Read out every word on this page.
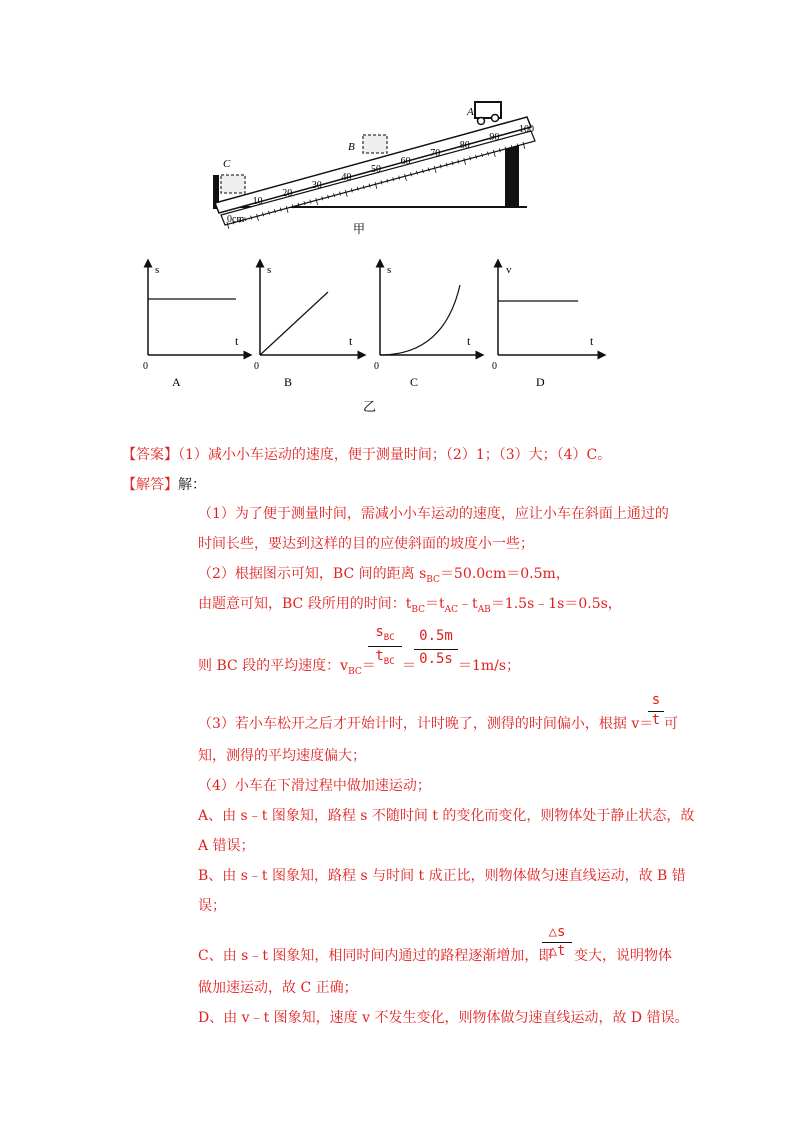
A
B
C
0cm
10
20
30
40
50
60
70
80
90
100
甲
s
t
0
A
s
t
0
B
s
t
0
C
v
t
0
D
乙
【答案】（1）减小小车运动的速度，便于测量时间；（2）1；（3）大；（4）C。
【解答】解：
（1）为了便于测量时间，需减小小车运动的速度，应让小车在斜面上通过的
时间长些，要达到这样的目的应使斜面的坡度小一些；
（2）根据图示可知，BC 间的距离 $s_{BC}=50.0cm=0.5m$，
由题意可知，BC 段所用的时间：$t_{BC}=t_{AC}﹣t_{AB}=1.5s﹣1s=0.5s$，
则 BC 段的平均速度：$v_{BC}=$
$s_{BC}$
$t_{BC}$ ＝
0.5m
0.5s ＝1m/s；
（3）若小车松开之后才开始计时，计时晚了，测得的时间偏小，根据 v＝
s
t 可
知，测得的平均速度偏大；
（4）小车在下滑过程中做加速运动；
A、由 s﹣t 图象知，路程 s 不随时间 t 的变化而变化，则物体处于静止状态，故
A 错误；
B、由 s﹣t 图象知，路程 s 与时间 t 成正比，则物体做匀速直线运动，故 B 错
误；
C、由 s﹣t 图象知，相同时间内通过的路程逐渐增加，即
△s
△t 变大，说明物体
做加速运动，故 C 正确；
D、由 v﹣t 图象知，速度 v 不发生变化，则物体做匀速直线运动，故 D 错误。
